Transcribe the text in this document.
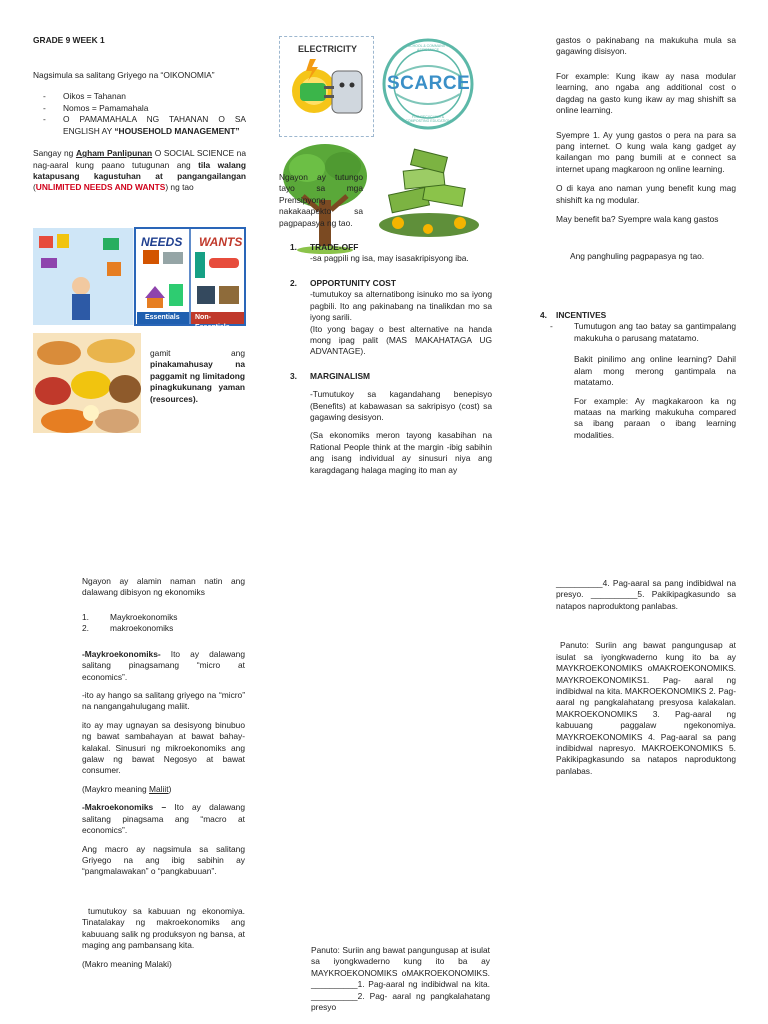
GRADE 9 WEEK 1

Nagsimula sa salitang Griyego na “OIKONOMIA”

- Oikos = Tahanan
- Nomos = Pamamahala
- O PAMAMAHALA NG TAHANAN O SA ENGLISH AY “HOUSEHOLD MANAGEMENT”

Sangay ng Agham Panlipunan O SOCIAL SCIENCE na nag-aaral kung paano tutugunan ang tila walang katapusang kagustuhan at pangangailangan (UNLIMITED NEEDS AND WANTS) ng tao

NEEDS WANTS
Essentials Non-Essentials
gamit ang pinakamahusay na paggamit ng limitadong pinagkukunang yaman (resources).
ELECTRICITY
SCARCE
SCHOOL & COMMUNITY ASSISTANCE
FOR RECYCLING & COMPOSTING EDUCATION
Ngayon ay tutungo tayo sa mga Prensipyong nakakaapekto sa pagpapasya ng tao.
1. TRADE-OFF
-sa pagpili ng isa, may isasakripisyong iba.
2. OPPORTUNITY COST
-tumutukoy sa alternatibong isinuko mo sa iyong pagbili. Ito ang pakinabang na tinalikdan mo sa iyong sarili.
(Ito yong bagay o best alternative na handa mong ipag palit (MAS MAKAHATAGA UG ADVANTAGE).
3. MARGINALISM
-Tumutukoy sa kagandahang benepisyo (Benefits) at kabawasan sa sakripisyo (cost) sa gagawing desisyon.
(Sa ekonomiks meron tayong kasabihan na Rational People think at the margin -ibig sabihin ang isang individual ay sinusuri niya ang karagdagang halaga maging ito man ay

gastos o pakinabang na makukuha mula sa gagawing disisyon.

For example: Kung ikaw ay nasa modular learning, ano ngaba ang additional cost o dagdag na gasto kung ikaw ay mag shishift sa online learning.

Syempre 1. Ay yung gastos o pera na para sa pang internet. O kung wala kang gadget ay kailangan mo pang bumili at e connect sa internet upang magkaroon ng online learning.

O di kaya ano naman yung benefit kung mag shishift ka ng modular.

May benefit ba? Syempre wala kang gastos

Ang panghuling pagpapasya ng tao.

4. INCENTIVES
- Tumutugon ang tao batay sa gantimpalang makukuha o parusang matatamo.

Bakit pinilimo ang online learning? Dahil alam mong merong gantimpala na matatamo.

For example: Ay magkakaroon ka ng mataas na marking makukuha compared sa ibang paraan o ibang learning modalities.

Ngayon ay alamin naman natin ang dalawang dibisyon ng ekonomiks

1.	Maykroekonomiks
2.	makroekonomiks

-Maykroekonomiks- Ito ay dalawang salitang pinagsamang “micro at economics”.

-ito ay hango sa salitang griyego na “micro” na nangangahulugang maliit.

ito ay may ugnayan sa desisyong binubuo ng bawat sambahayan at bawat bahay-kalakal. Sinusuri ng mikroekonomiks ang galaw ng bawat Negosyo at bawat consumer.

(Maykro meaning Maliit)

-Makroekonomiks – Ito ay dalawang salitang pinagsama ang “macro at economics”.

Ang macro ay nagsimula sa salitang Griyego na ang ibig sabihin ay “pangmalawakan” o “pangkabuuan”.

tumutukoy sa kabuuan ng ekonomiya. Tinatalakay ng makroekonomiks ang kabuuang salik ng produksyon ng bansa, at maging ang pambansang kita.

(Makro meaning Malaki)

Panuto: Suriin ang bawat pangungusap at isulat sa iyongkwaderno kung ito ba ay MAYKROEKONOMIKS oMAKROEKONOMIKS. __________1. Pag-aaral ng indibidwal na kita. __________2. Pag- aaral ng pangkalahatang presyo

__________4. Pag-aaral sa pang indibidwal na presyo. __________5. Pakikipagkasundo sa natapos naproduktong panlabas.

Panuto: Suriin ang bawat pangungusap at isulat sa iyongkwaderno kung ito ba ay MAYKROEKONOMIKS oMAKROEKONOMIKS. MAYKROEKONOMIKS1. Pag- aaral ng indibidwal na kita. MAKROEKONOMIKS 2. Pag- aaral ng pangkalahatang presyosa kalakalan. MAKROEKONOMIKS 3. Pag-aaral ng kabuuang paggalaw ngekonomiya. MAYKROEKONOMIKS 4. Pag-aaral sa pang indibidwal napresyo. MAKROEKONOMIKS 5. Pakikipagkasundo sa natapos naproduktong panlabas.
